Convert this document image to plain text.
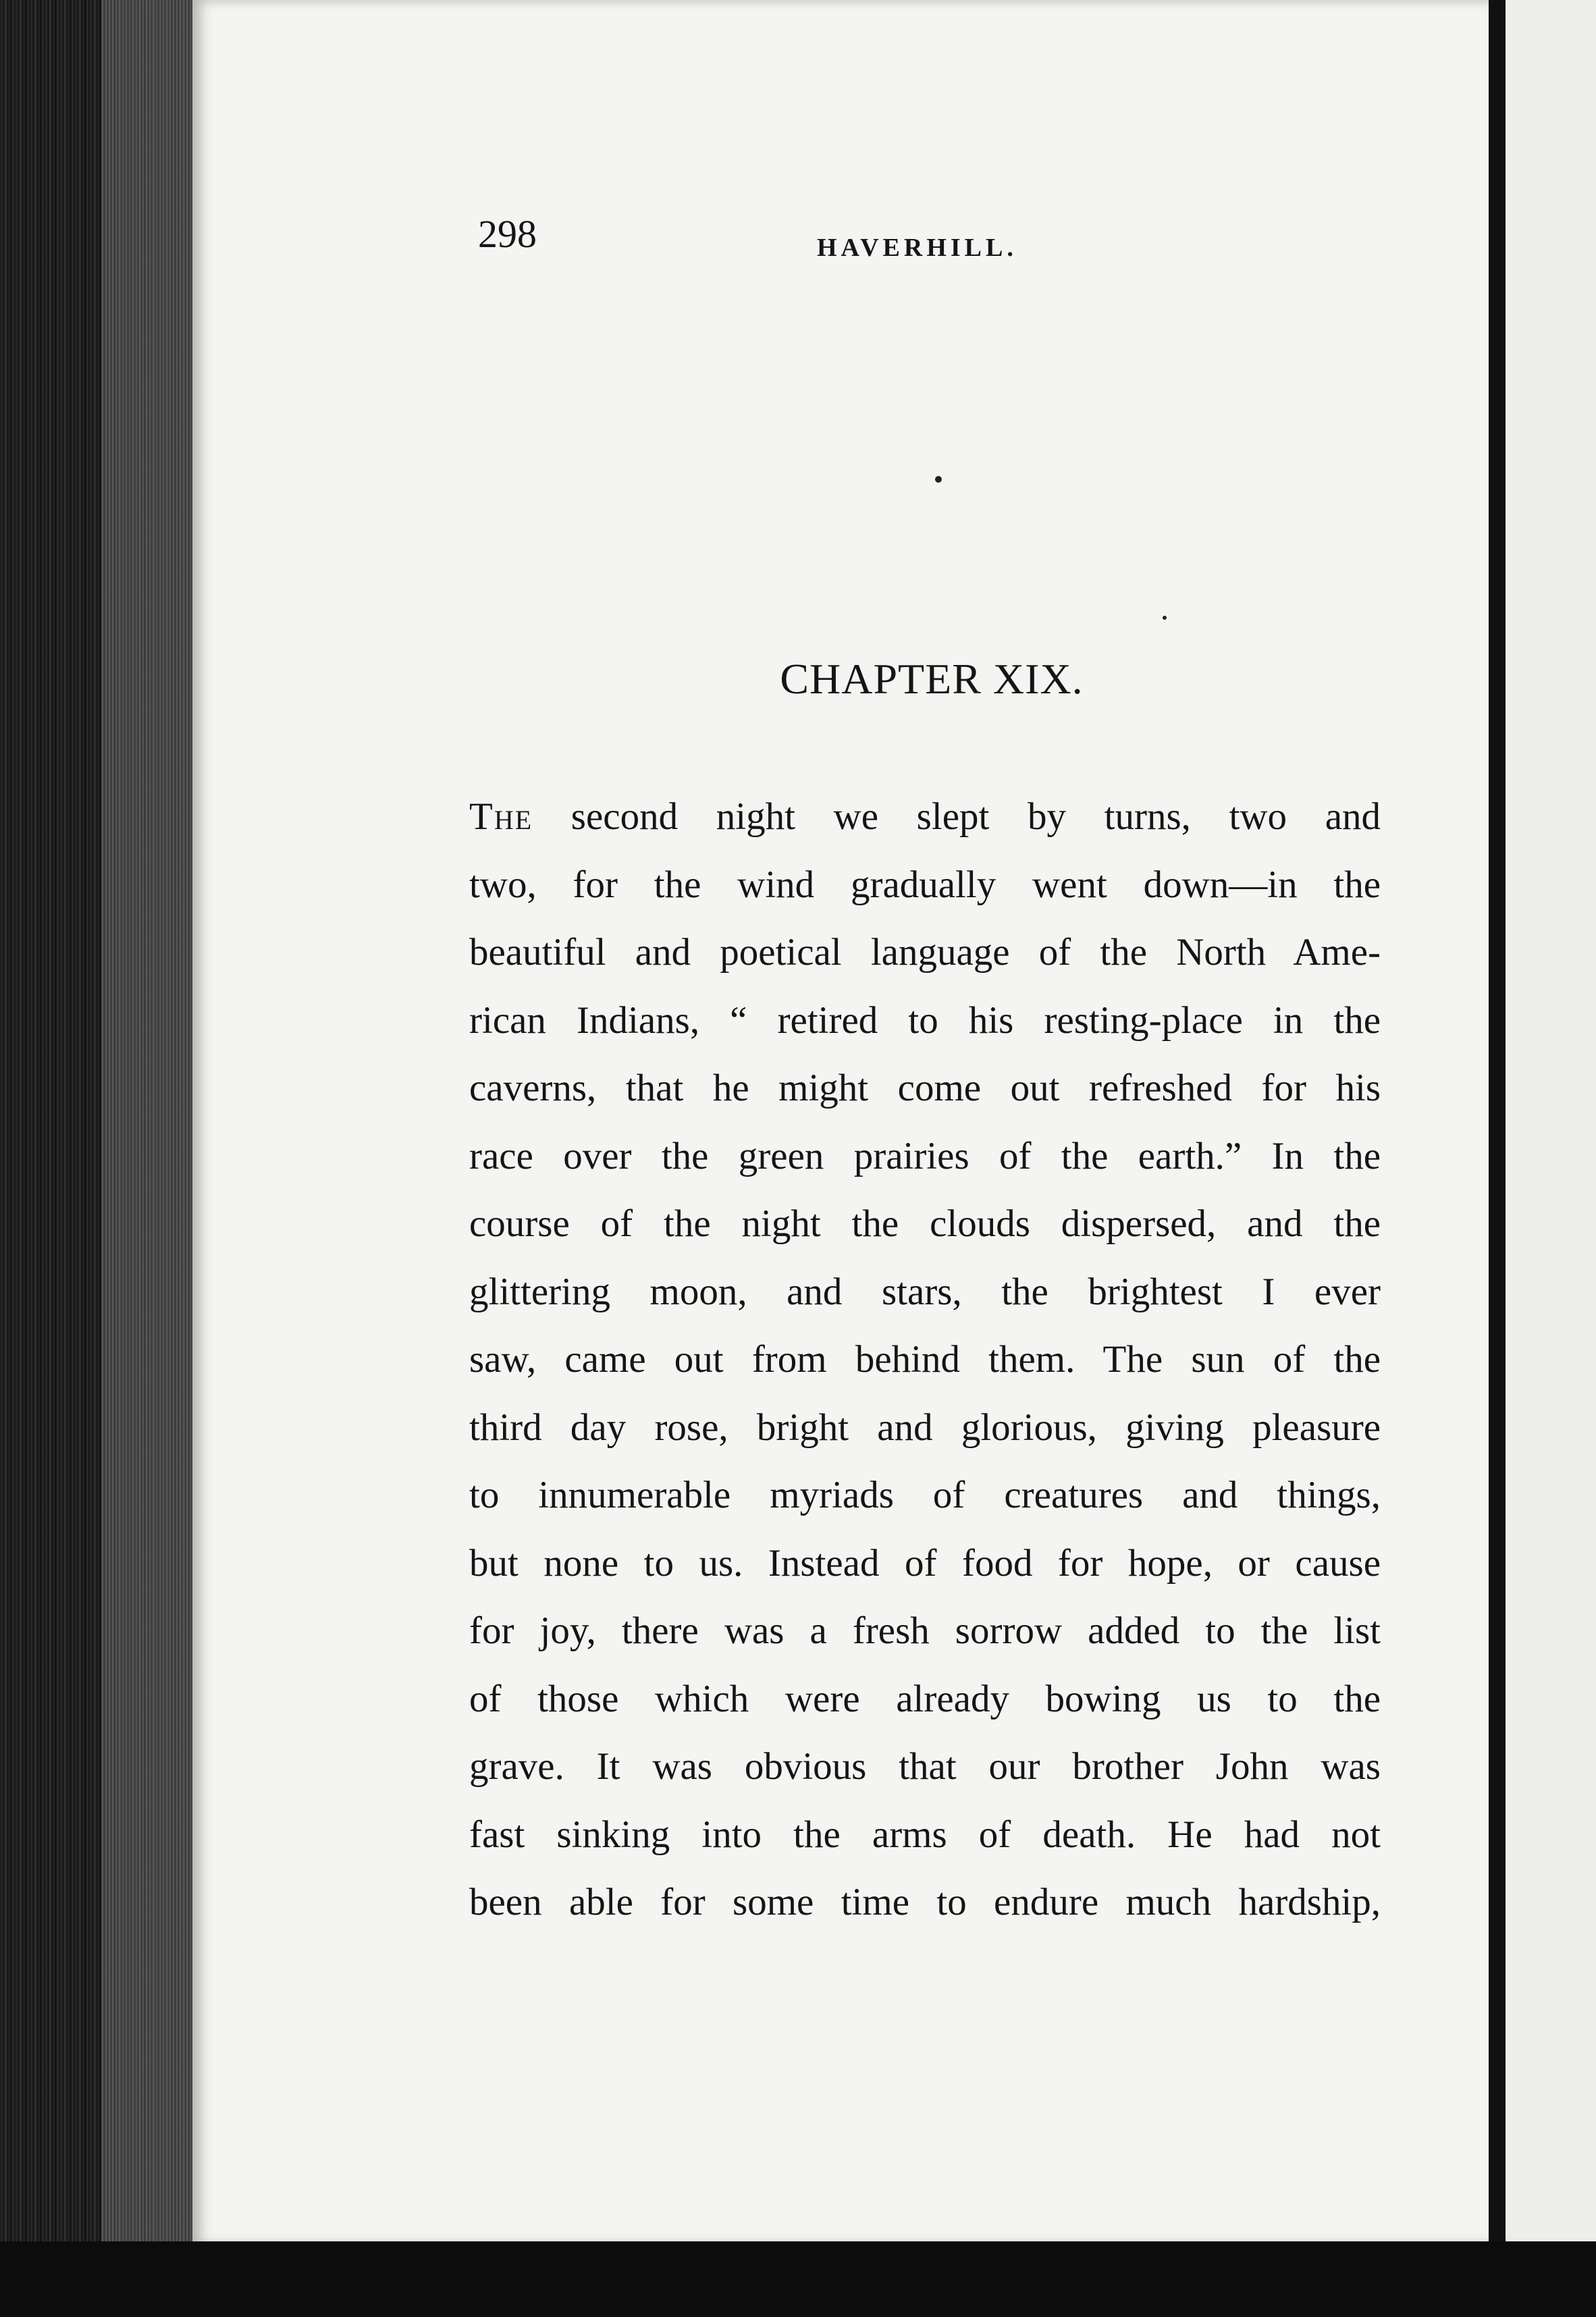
298	HAVERHILL.
CHAPTER XIX.
The second night we slept by turns, two and
two, for the wind gradually went down—in the
beautiful and poetical language of the North Ame-
rican Indians, “ retired to his resting-place in the
caverns, that he might come out refreshed for his
race over the green prairies of the earth.” In the
course of the night the clouds dispersed, and the
glittering moon, and stars, the brightest I ever
saw, came out from behind them. The sun of the
third day rose, bright and glorious, giving pleasure
to innumerable myriads of creatures and things,
but none to us. Instead of food for hope, or cause
for joy, there was a fresh sorrow added to the list
of those which were already bowing us to the
grave. It was obvious that our brother John was
fast sinking into the arms of death. He had not
been able for some time to endure much hardship,
